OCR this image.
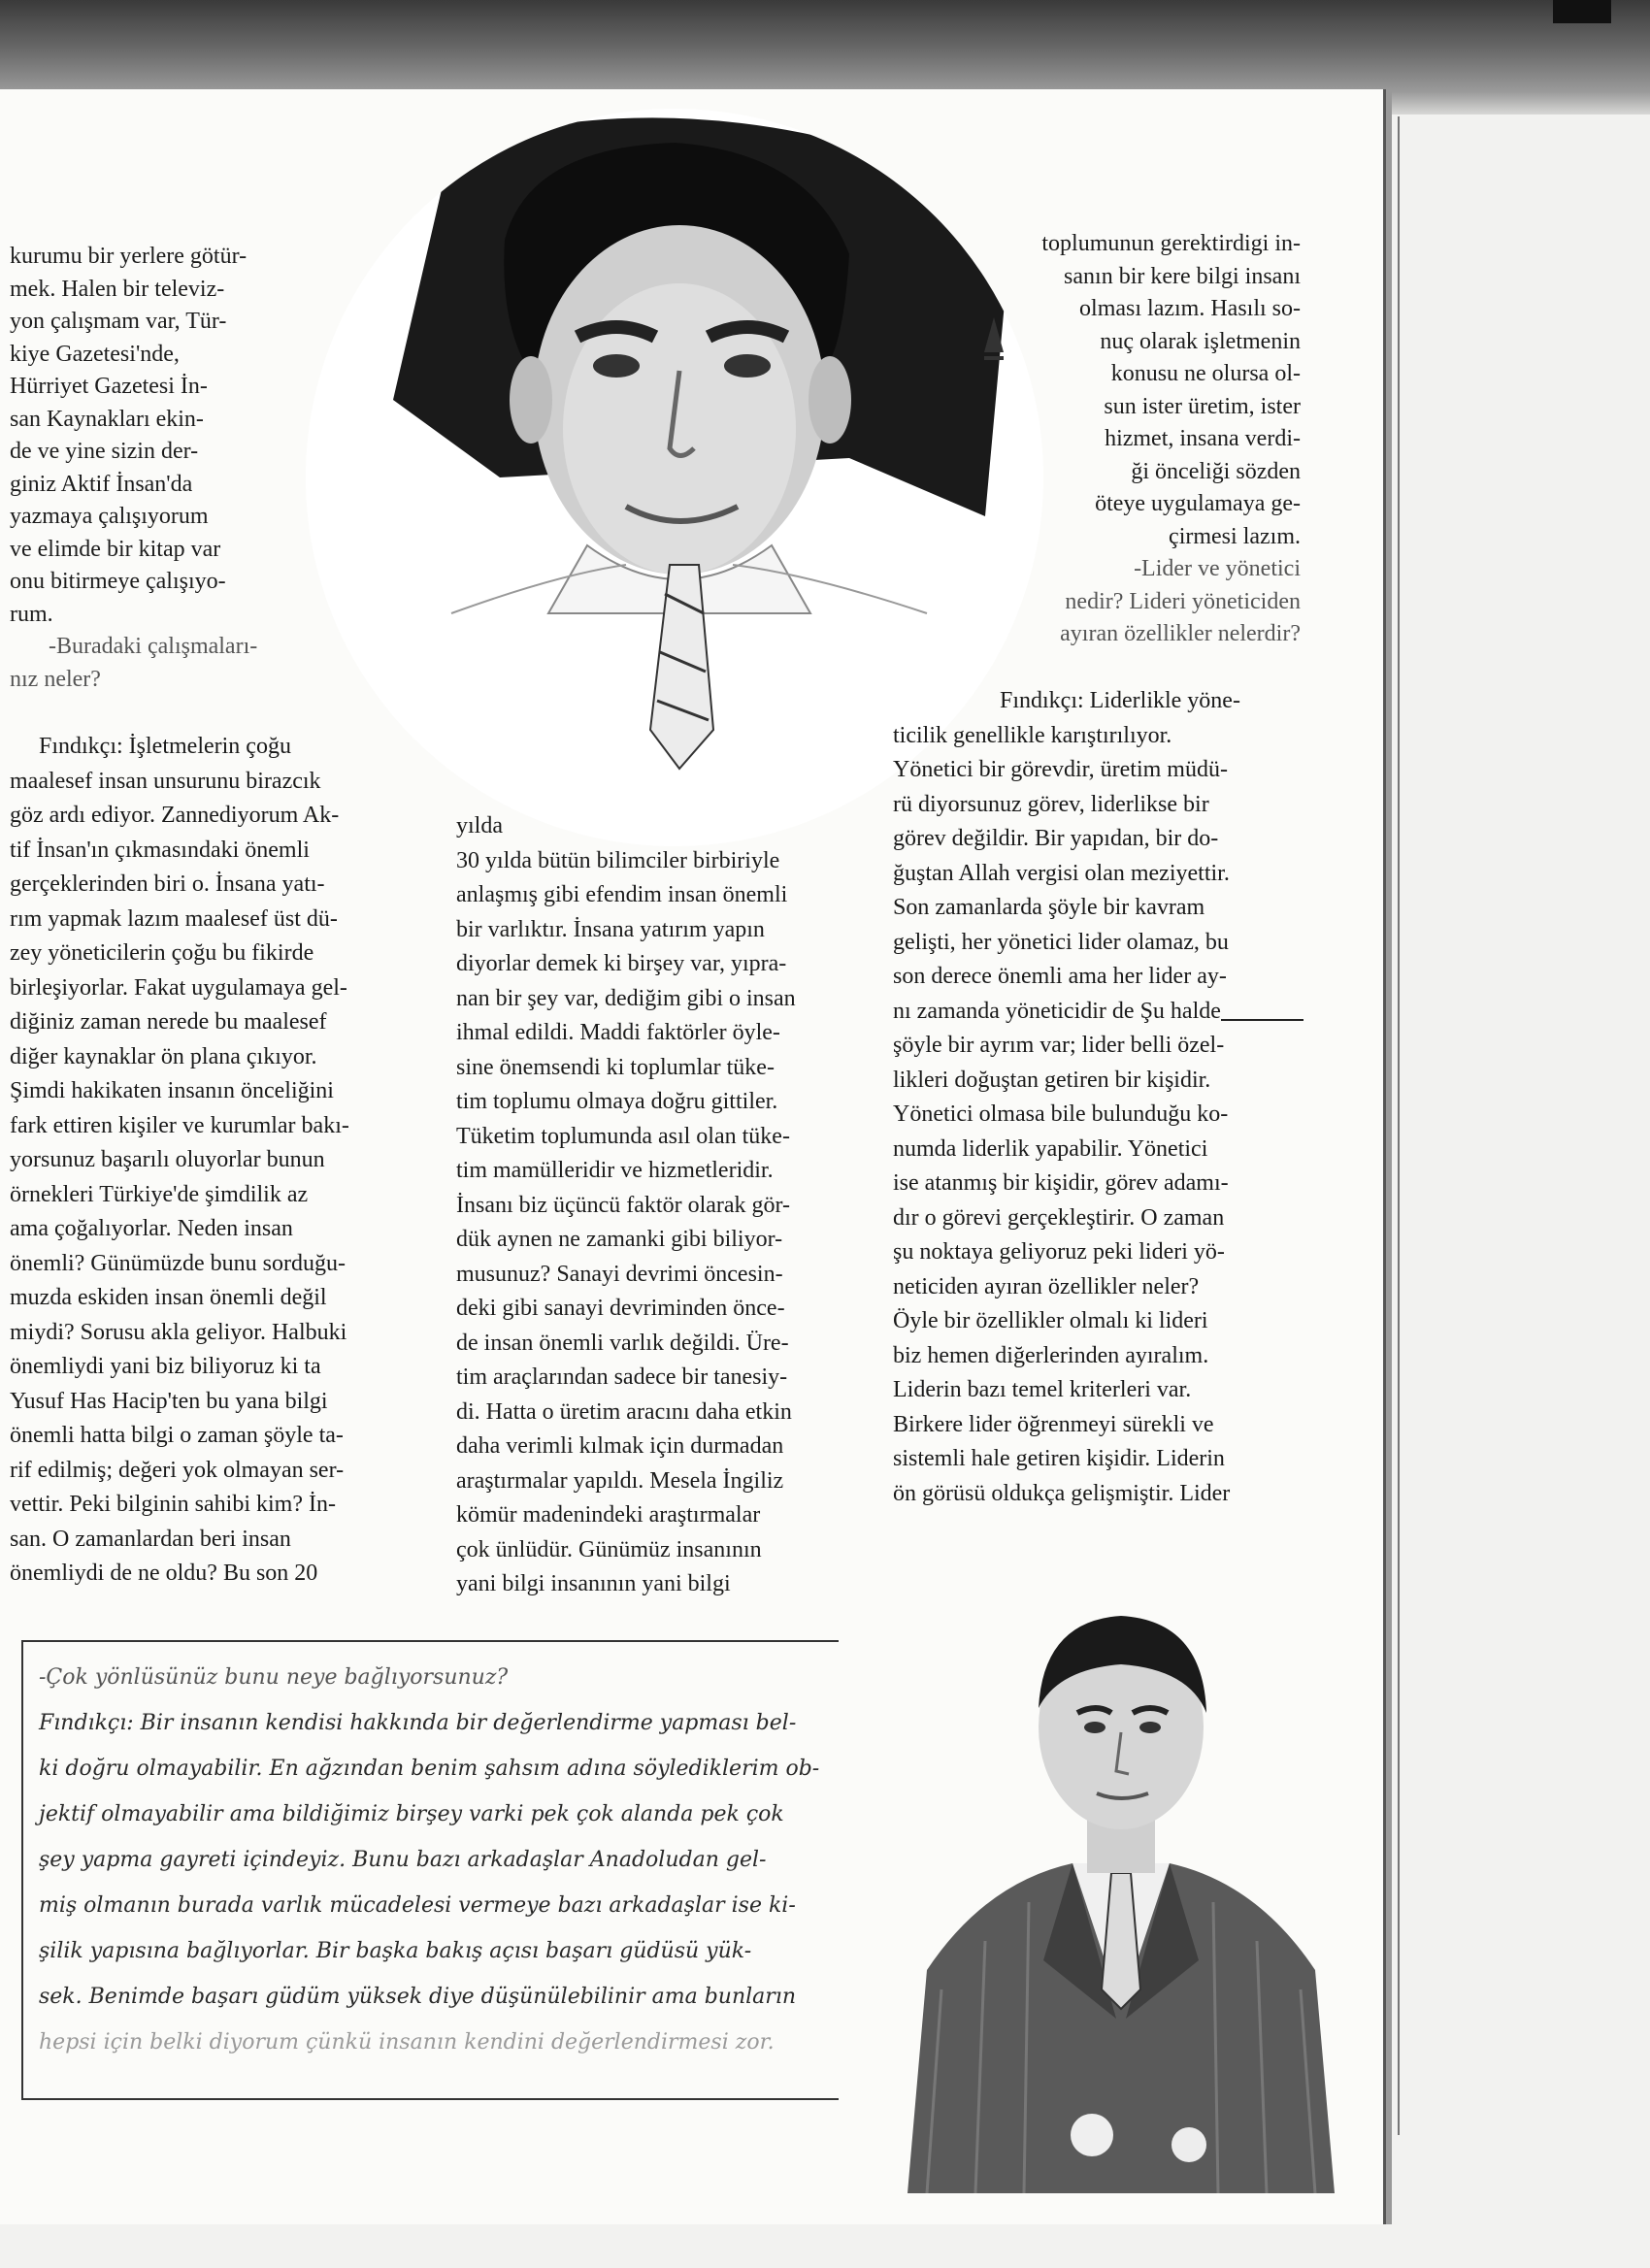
kurumu bir yerlere götür-
mek. Halen bir televiz-
yon çalışmam var, Tür-
kiye Gazetesi'nde,
Hürriyet Gazetesi İn-
san Kaynakları ekin-
de ve yine sizin der-
giniz Aktif İnsan'da
yazmaya çalışıyorum
ve elimde bir kitap var
onu bitirmeye çalışıyo-
rum.

-Buradaki çalışmaları-
nız neler?

Fındıkçı: İşletmelerin çoğu
maalesef insan unsurunu birazcık
göz ardı ediyor. Zannediyorum Ak-
tif İnsan'ın çıkmasındaki önemli
gerçeklerinden biri o. İnsana yatı-
rım yapmak lazım maalesef üst dü-
zey yöneticilerin çoğu bu fikirde
birleşiyorlar. Fakat uygulamaya gel-
diğiniz zaman nerede bu maalesef
diğer kaynaklar ön plana çıkıyor.
Şimdi hakikaten insanın önceliğini
fark ettiren kişiler ve kurumlar bakı-
yorsunuz başarılı oluyorlar bunun
örnekleri Türkiye'de şimdilik az
ama çoğalıyorlar. Neden insan
önemli? Günümüzde bunu sorduğu-
muzda eskiden insan önemli değil
miydi? Sorusu akla geliyor. Halbuki
önemliydi yani biz biliyoruz ki ta
Yusuf Has Hacip'ten bu yana bilgi
önemli hatta bilgi o zaman şöyle ta-
rif edilmiş; değeri yok olmayan ser-
vettir. Peki bilginin sahibi kim? İn-
san. O zamanlardan beri insan
önemliydi de ne oldu? Bu son 20

yılda
30 yılda bütün bilimciler birbiriyle
anlaşmış gibi efendim insan önemli
bir varlıktır. İnsana yatırım yapın
diyorlar demek ki birşey var, yıpra-
nan bir şey var, dediğim gibi o insan
ihmal edildi. Maddi faktörler öyle-
sine önemsendi ki toplumlar tüke-
tim toplumu olmaya doğru gittiler.
Tüketim toplumunda asıl olan tüke-
tim mamülleridir ve hizmetleridir.
İnsanı biz üçüncü faktör olarak gör-
dük aynen ne zamanki gibi biliyor-
musunuz? Sanayi devrimi öncesin-
deki gibi sanayi devriminden önce-
de insan önemli varlık değildi. Üre-
tim araçlarından sadece bir tanesiy-
di. Hatta o üretim aracını daha etkin
daha verimli kılmak için durmadan
araştırmalar yapıldı. Mesela İngiliz
kömür madenindeki araştırmalar
çok ünlüdür. Günümüz insanının
yani bilgi insanının yani bilgi

toplumunun gerektirdigi in-
sanın bir kere bilgi insanı
olması lazım. Hasılı so-
nuç olarak işletmenin
konusu ne olursa ol-
sun ister üretim, ister
hizmet, insana verdi-
ği önceliği sözden
öteye uygulamaya ge-
çirmesi lazım.

-Lider ve yönetici
nedir? Lideri yöneticiden
ayıran özellikler nelerdir?

Fındıkçı: Liderlikle yöne-
ticilik genellikle karıştırılıyor.
Yönetici bir görevdir, üretim müdü-
rü diyorsunuz görev, liderlikse bir
görev değildir. Bir yapıdan, bir do-
ğuştan Allah vergisi olan meziyettir.
Son zamanlarda şöyle bir kavram
gelişti, her yönetici lider olamaz, bu
son derece önemli ama her lider ay-
nı zamanda yöneticidir de Şu halde
şöyle bir ayrım var; lider belli özel-
likleri doğuştan getiren bir kişidir.
Yönetici olmasa bile bulunduğu ko-
numda liderlik yapabilir. Yönetici
ise atanmış bir kişidir, görev adamı-
dır o görevi gerçekleştirir. O zaman
şu noktaya geliyoruz peki lideri yö-
neticiden ayıran özellikler neler?
Öyle bir özellikler olmalı ki lideri
biz hemen diğerlerinden ayıralım.
Liderin bazı temel kriterleri var.
Birkere lider öğrenmeyi sürekli ve
sistemli hale getiren kişidir. Liderin
ön görüsü oldukça gelişmiştir. Lider

-Çok yönlüsünüz bunu neye bağlıyorsunuz?

Fındıkçı: Bir insanın kendisi hakkında bir değerlendirme yapması bel-
ki doğru olmayabilir. En ağzından benim şahsım adına söylediklerim ob-
jektif olmayabilir ama bildiğimiz birşey varki pek çok alanda pek çok
şey yapma gayreti içindeyiz. Bunu bazı arkadaşlar Anadoludan gel-
miş olmanın burada varlık mücadelesi vermeye bazı arkadaşlar ise ki-
şilik yapısına bağlıyorlar. Bir başka bakış açısı başarı güdüsü yük-
sek. Benimde başarı güdüm yüksek diye düşünülebilinir ama bunların

hepsi için belki diyorum çünkü insanın kendini değerlendirmesi zor.
